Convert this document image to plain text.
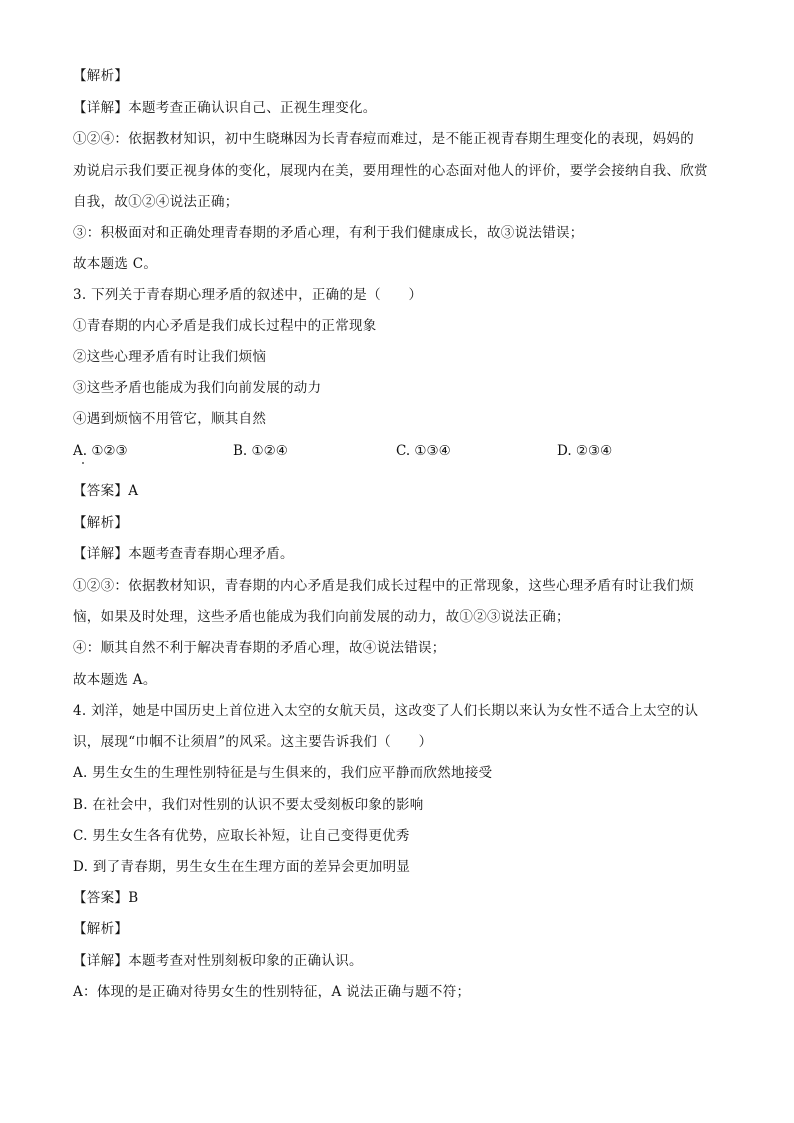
【解析】
【详解】本题考查正确认识自己、正视生理变化。
①②④：依据教材知识，初中生晓琳因为长青春痘而难过，是不能正视青春期生理变化的表现，妈妈的
劝说启示我们要正视身体的变化，展现内在美，要用理性的心态面对他人的评价，要学会接纳自我、欣赏
自我，故①②④说法正确；
③：积极面对和正确处理青春期的矛盾心理，有利于我们健康成长，故③说法错误；
故本题选 C。
3. 下列关于青春期心理矛盾的叙述中，正确的是（　　）
①青春期的内心矛盾是我们成长过程中的正常现象
②这些心理矛盾有时让我们烦恼
③这些矛盾也能成为我们向前发展的动力
④遇到烦恼不用管它，顺其自然
A. ①②③	B. ①②④	C. ①③④	D. ②③④
【答案】A
【解析】
【详解】本题考查青春期心理矛盾。
①②③：依据教材知识，青春期的内心矛盾是我们成长过程中的正常现象，这些心理矛盾有时让我们烦
恼，如果及时处理，这些矛盾也能成为我们向前发展的动力，故①②③说法正确；
④：顺其自然不利于解决青春期的矛盾心理，故④说法错误；
故本题选 A。
4. 刘洋，她是中国历史上首位进入太空的女航天员，这改变了人们长期以来认为女性不适合上太空的认
识，展现“巾帼不让须眉”的风采。这主要告诉我们（　　）
A. 男生女生的生理性别特征是与生俱来的，我们应平静而欣然地接受
B. 在社会中，我们对性别的认识不要太受刻板印象的影响
C. 男生女生各有优势，应取长补短，让自己变得更优秀
D. 到了青春期，男生女生在生理方面的差异会更加明显
【答案】B
【解析】
【详解】本题考查对性别刻板印象的正确认识。
A：体现的是正确对待男女生的性别特征，A 说法正确与题不符；
